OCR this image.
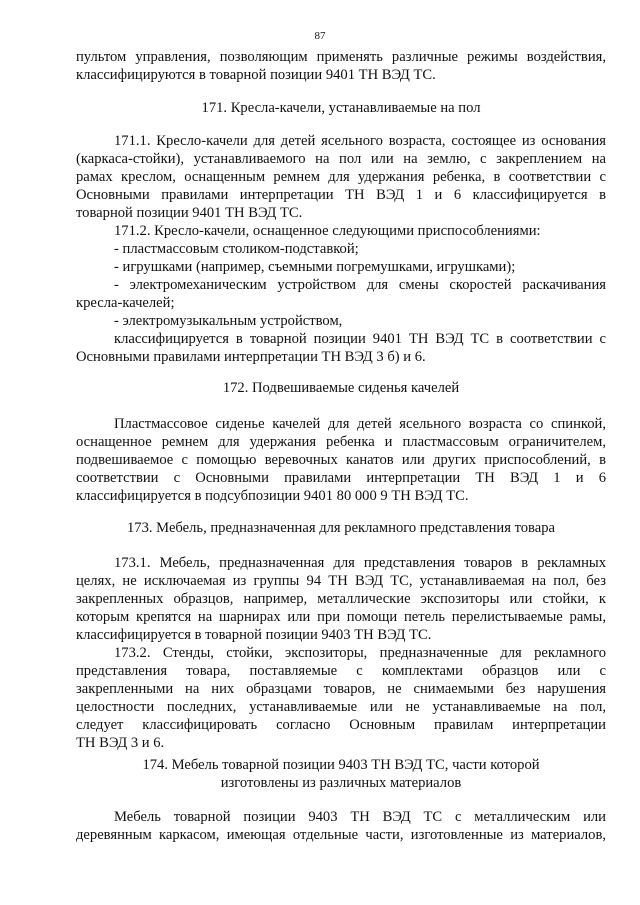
87
пультом управления, позволяющим применять различные режимы воздействия,
классифицируются в товарной позиции 9401 ТН ВЭД ТС.
171. Кресла-качели, устанавливаемые на пол
171.1. Кресло-качели для детей ясельного возраста, состоящее из основания
(каркаса-стойки), устанавливаемого на пол или на землю, с закреплением на
рамах креслом, оснащенным ремнем для удержания ребенка, в соответствии с
Основными правилами интерпретации ТН ВЭД 1 и 6 классифицируется в
товарной позиции 9401 ТН ВЭД ТС.
171.2. Кресло-качели, оснащенное следующими приспособлениями:
- пластмассовым столиком-подставкой;
- игрушками (например, съемными погремушками, игрушками);
- электромеханическим устройством для смены скоростей раскачивания
кресла-качелей;
- электромузыкальным устройством,
классифицируется в товарной позиции 9401 ТН ВЭД ТС в соответствии с
Основными правилами интерпретации ТН ВЭД 3 б) и 6.
172. Подвешиваемые сиденья качелей
Пластмассовое сиденье качелей для детей ясельного возраста со спинкой,
оснащенное ремнем для удержания ребенка и пластмассовым ограничителем,
подвешиваемое с помощью веревочных канатов или других приспособлений, в
соответствии с Основными правилами интерпретации ТН ВЭД 1 и 6
классифицируется в подсубпозиции 9401 80 000 9 ТН ВЭД ТС.
173. Мебель, предназначенная для рекламного представления товара
173.1. Мебель, предназначенная для представления товаров в рекламных
целях, не исключаемая из группы 94 ТН ВЭД ТС, устанавливаемая на пол, без
закрепленных образцов, например, металлические экспозиторы или стойки, к
которым крепятся на шарнирах или при помощи петель перелистываемые рамы,
классифицируется в товарной позиции 9403 ТН ВЭД ТС.
173.2. Стенды, стойки, экспозиторы, предназначенные для рекламного
представления товара, поставляемые с комплектами образцов или с
закрепленными на них образцами товаров, не снимаемыми без нарушения
целостности последних, устанавливаемые или не устанавливаемые на пол,
следует классифицировать согласно Основным правилам интерпретации
ТН ВЭД 3 и 6.
174. Мебель товарной позиции 9403 ТН ВЭД ТС, части которой
изготовлены из различных материалов
Мебель товарной позиции 9403 ТН ВЭД ТС с металлическим или
деревянным каркасом, имеющая отдельные части, изготовленные из материалов,
